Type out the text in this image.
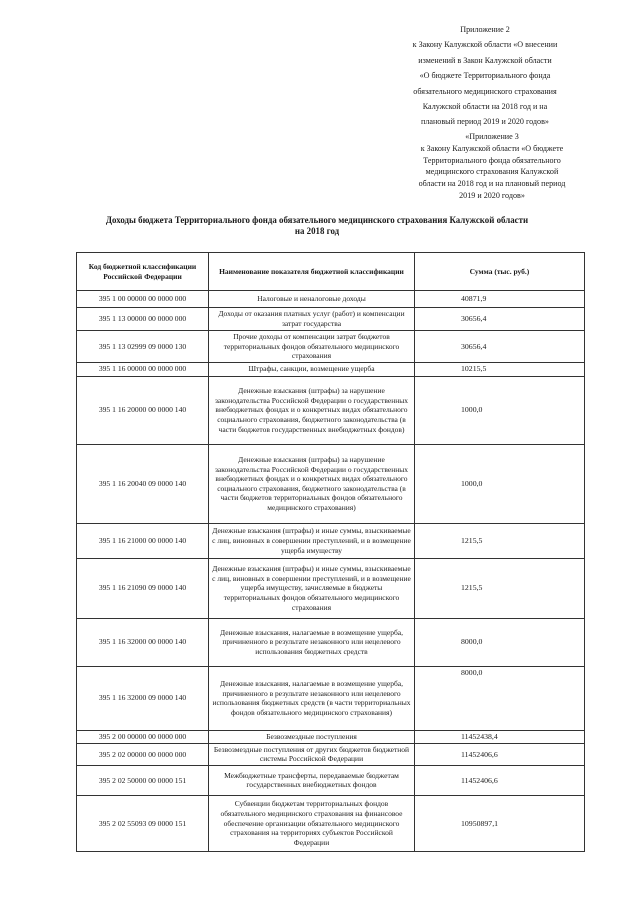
Приложение 2
к Закону Калужской области «О внесении
изменений в Закон Калужской области
«О бюджете Территориального фонда
обязательного медицинского страхования
Калужской области на 2018 год и на
плановый период 2019 и 2020 годов»
«Приложение 3
к Закону Калужской области «О бюджете
Территориального фонда обязательного
медицинского страхования Калужской
области на 2018 год и на плановый период
2019 и 2020 годов»
Доходы бюджета Территориального фонда обязательного медицинского страхования Калужской области
на 2018 год
Код бюджетной классификации Российской Федерации	Наименование показателя бюджетной классификации	Сумма (тыс. руб.)
395 1 00 00000 00 0000 000	Налоговые и неналоговые доходы	40871,9
395 1 13 00000 00 0000 000	Доходы от оказания платных услуг (работ) и компенсации затрат государства	30656,4
395 1 13 02999 09 0000 130	Прочие доходы от компенсации затрат бюджетов территориальных фондов обязательного медицинского страхования	30656,4
395 1 16 00000 00 0000 000	Штрафы, санкции, возмещение ущерба	10215,5
395 1 16 20000 00 0000 140	Денежные взыскания (штрафы) за нарушение законодательства Российской Федерации о государственных внебюджетных фондах и о конкретных видах обязательного социального страхования, бюджетного законодательства (в части бюджетов государственных внебюджетных фондов)	1000,0
395 1 16 20040 09 0000 140	Денежные взыскания (штрафы) за нарушение законодательства Российской Федерации о государственных внебюджетных фондах и о конкретных видах обязательного социального страхования, бюджетного законодательства (в части бюджетов территориальных фондов обязательного медицинского страхования)	1000,0
395 1 16 21000 00 0000 140	Денежные взыскания (штрафы) и иные суммы, взыскиваемые с лиц, виновных в совершении преступлений, и в возмещение ущерба имуществу	1215,5
395 1 16 21090 09 0000 140	Денежные взыскания (штрафы) и иные суммы, взыскиваемые с лиц, виновных в совершении преступлений, и в возмещение ущерба имуществу, зачисляемые в бюджеты территориальных фондов обязательного медицинского страхования	1215,5
395 1 16 32000 00 0000 140	Денежные взыскания, налагаемые в возмещение ущерба, причиненного в результате незаконного или нецелевого использования бюджетных средств	8000,0
395 1 16 32000 09 0000 140	Денежные взыскания, налагаемые в возмещение ущерба, причиненного в результате незаконного или нецелевого использования бюджетных средств (в части территориальных фондов обязательного медицинского страхования)	8000,0
395 2 00 00000 00 0000 000	Безвозмездные поступления	11452438,4
395 2 02 00000 00 0000 000	Безвозмездные поступления от других бюджетов бюджетной системы Российской Федерации	11452406,6
395 2 02 50000 00 0000 151	Межбюджетные трансферты, передаваемые бюджетам государственных внебюджетных фондов	11452406,6
395 2 02 55093 09 0000 151	Субвенции бюджетам территориальных фондов обязательного медицинского страхования на финансовое обеспечение организации обязательного медицинского страхования на территориях субъектов Российской Федерации	10950897,1
